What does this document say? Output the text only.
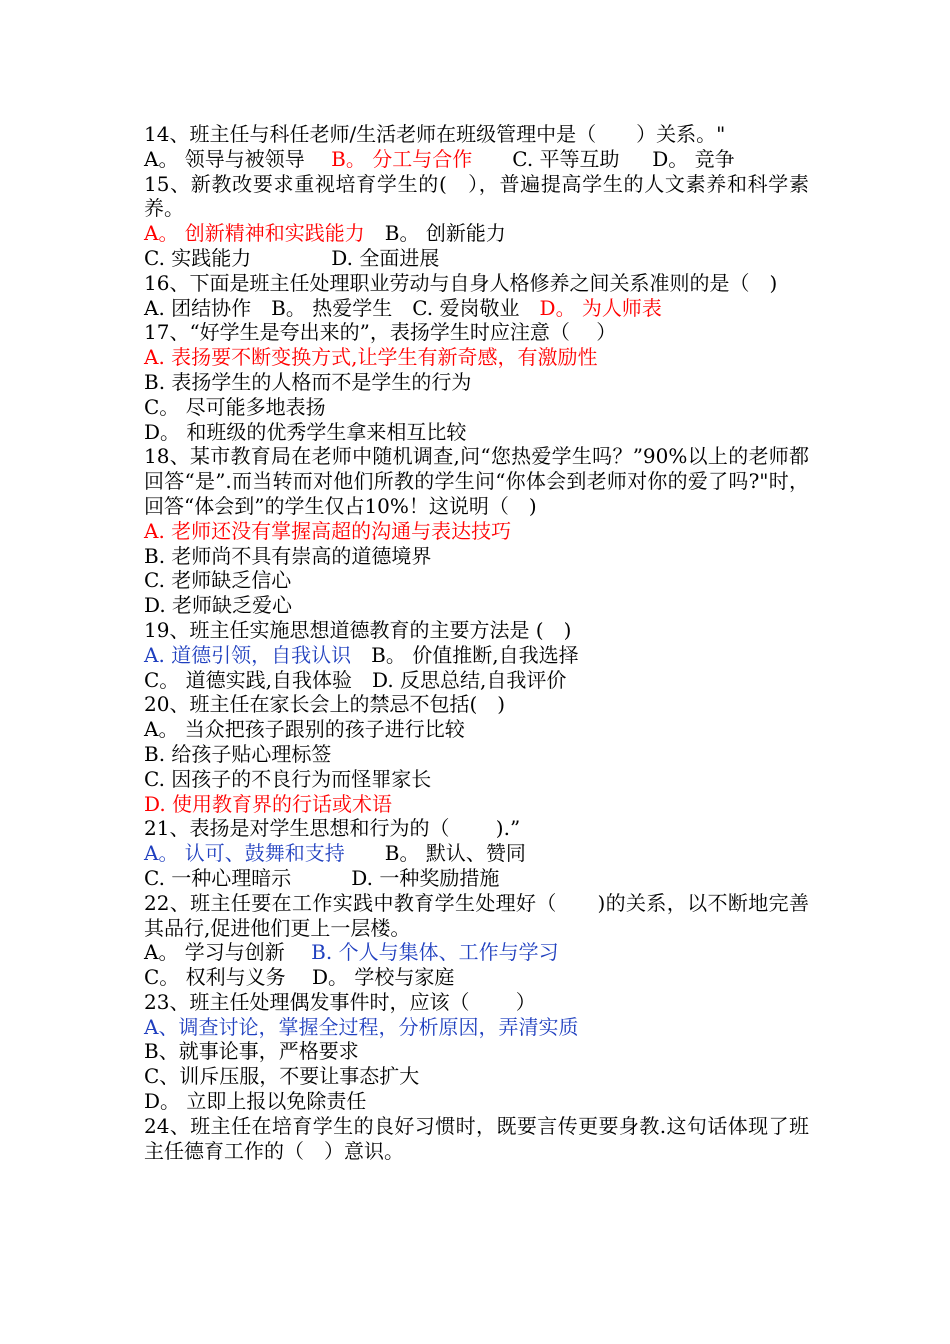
14、班主任与科任老师/生活老师在班级管理中是（　　）关系。"
A。 领导与被领导　 B。 分工与合作　　C. 平等互助　  D。 竞争
15、新教改要求重视培育学生的(　），普遍提高学生的人文素养和科学素养。
A。 创新精神和实践能力　B。 创新能力
C. 实践能力　　　　D. 全面进展
16、下面是班主任处理职业劳动与自身人格修养之间关系准则的是（　)
A. 团结协作　B。 热爱学生　C. 爱岗敬业　D。 为人师表
17、“好学生是夸出来的”，表扬学生时应注意（　 ）
A. 表扬要不断变换方式,让学生有新奇感，有激励性
B. 表扬学生的人格而不是学生的行为
C。 尽可能多地表扬
D。 和班级的优秀学生拿来相互比较
18、某市教育局在老师中随机调查,问“您热爱学生吗？”90%以上的老师都回答“是”.而当转而对他们所教的学生问“你体会到老师对你的爱了吗?"时，回答“体会到”的学生仅占10%！这说明（　)
A. 老师还没有掌握高超的沟通与表达技巧
B. 老师尚不具有崇高的道德境界
C. 老师缺乏信心
D. 老师缺乏爱心
19、班主任实施思想道德教育的主要方法是 (　)
A. 道德引领，自我认识　B。 价值推断,自我选择
C。 道德实践,自我体验　D. 反思总结,自我评价
20、班主任在家长会上的禁忌不包括(　)
A。 当众把孩子跟别的孩子进行比较
B. 给孩子贴心理标签
C. 因孩子的不良行为而怪罪家长
D. 使用教育界的行话或术语
21、表扬是对学生思想和行为的（　　 ).”
A。 认可、鼓舞和支持　　B。 默认、赞同
C. 一种心理暗示　　　D. 一种奖励措施
22、班主任要在工作实践中教育学生处理好（　　)的关系，以不断地完善其品行,促进他们更上一层楼。
A。 学习与创新　 B. 个人与集体、工作与学习
C。 权利与义务　 D。 学校与家庭
23、班主任处理偶发事件时，应该（　　 ）
A、调查讨论，掌握全过程，分析原因，弄清实质
B、就事论事，严格要求
C、训斥压服，不要让事态扩大
D。 立即上报以免除责任
24、班主任在培育学生的良好习惯时，既要言传更要身教.这句话体现了班主任德育工作的（　）意识。
